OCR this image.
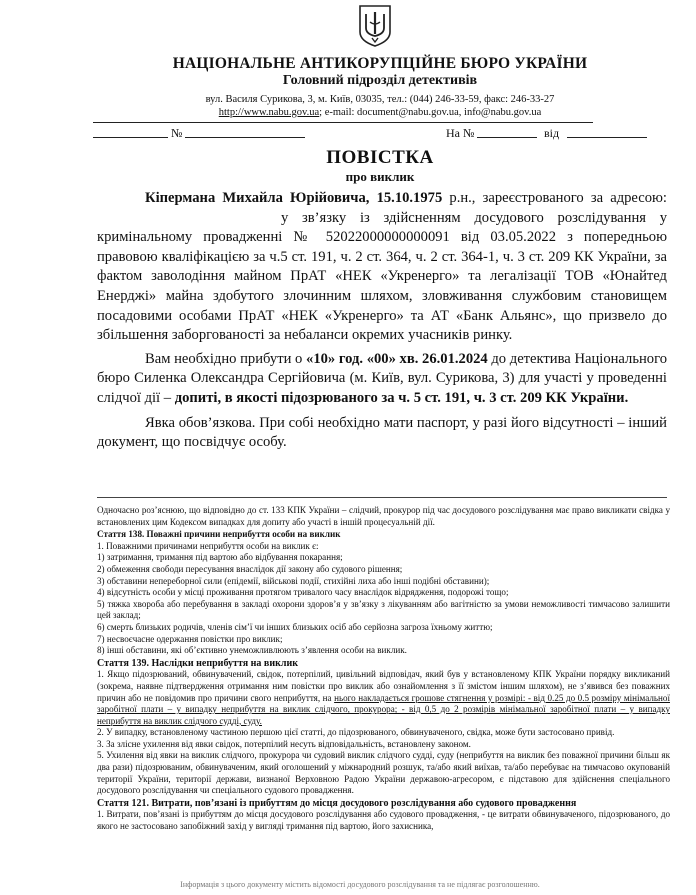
НАЦІОНАЛЬНЕ АНТИКОРУПЦІЙНЕ БЮРО УКРАЇНИ
Головний підрозділ детективів
вул. Василя Сурикова, 3, м. Київ, 03035, тел.: (044) 246-33-59, факс: 246-33-27
http://www.nabu.gov.ua; e-mail: document@nabu.gov.ua, info@nabu.gov.ua
№	На №	від
ПОВІСТКА
про виклик

Кіпермана Михайла Юрійовича, 15.10.1975 р.н., зареєстрованого за адресою:у зв’язку із здійсненням досудового розслідування у кримінальному провадженні № 52022000000000091 від 03.05.2022 з попередньою правовою кваліфікацією за ч.5 ст. 191, ч. 2 ст. 364, ч. 2 ст. 364-1, ч. 3 ст. 209 КК України, за фактом заволодіння майном ПрАТ «НЕК «Укренерго» та легалізації ТОВ «Юнайтед Енерджі» майна здобутого злочинним шляхом, зловживання службовим становищем посадовими особами ПрАТ «НЕК «Укренерго» та АТ «Банк Альянс», що призвело до збільшення заборгованості за небаланси окремих учасників ринку.

Вам необхідно прибути о «10» год. «00» хв. 26.01.2024 до детектива Національного бюро Силенка Олександра Сергійовича (м. Київ, вул. Сурикова, 3) для участі у проведенні слідчої дії – допиті, в якості підозрюваного за ч. 5 ст. 191, ч. 3 ст. 209 КК України.

Явка обов’язкова. При собі необхідно мати паспорт, у разі його відсутності – інший документ, що посвідчує особу.

Одночасно роз’яснюю, що відповідно до ст. 133 КПК України – слідчий, прокурор під час досудового розслідування має право викликати свідка у встановлених цим Кодексом випадках для допиту або участі в іншій процесуальній дії.

Стаття 138. Поважні причини неприбуття особи на виклик

1. Поважними причинами неприбуття особи на виклик є:

1) затримання, тримання під вартою або відбування покарання;

2) обмеження свободи пересування внаслідок дії закону або судового рішення;

3) обставини непереборної сили (епідемії, військові події, стихійні лиха або інші подібні обставини);

4) відсутність особи у місці проживання протягом тривалого часу внаслідок відрядження, подорожі тощо;

5) тяжка хвороба або перебування в закладі охорони здоров’я у зв’язку з лікуванням або вагітністю за умови неможливості тимчасово залишити цей заклад;

6) смерть близьких родичів, членів сім’ї чи інших близьких осіб або серйозна загроза їхньому життю;

7) несвоєчасне одержання повістки про виклик;

8) інші обставини, які об’єктивно унеможливлюють з’явлення особи на виклик.

Стаття 139. Наслідки неприбуття на виклик

1. Якщо підозрюваний, обвинувачений, свідок, потерпілий, цивільний відповідач, який був у встановленому КПК України порядку викликаний (зокрема, наявне підтвердження отримання ним повістки про виклик або ознайомлення з її змістом іншим шляхом), не з’явився без поважних причин або не повідомив про причини свого неприбуття, на нього накладається грошове стягнення у розмірі: - від 0.25 до 0.5 розміру мінімальної заробітної плати – у випадку неприбуття на виклик слідчого, прокурора; - від 0,5 до 2 розмірів мінімальної заробітної плати – у випадку неприбуття на виклик слідчого судді, суду.

2. У випадку, встановленому частиною першою цієї статті, до підозрюваного, обвинуваченого, свідка, може бути застосовано привід.

3. За злісне ухилення від явки свідок, потерпілий несуть відповідальність, встановлену законом.

5. Ухилення від явки на виклик слідчого, прокурора чи судовий виклик слідчого судді, суду (неприбуття на виклик без поважної причини більш як два рази) підозрюваним, обвинуваченим, який оголошений у міжнародний розшук, та/або який виїхав, та/або перебуває на тимчасово окупованій території України, території держави, визнаної Верховною Радою України державою-агресором, є підставою для здійснення спеціального досудового розслідування чи спеціального судового провадження.

Стаття 121. Витрати, пов’язані із прибуттям до місця досудового розслідування або судового провадження

1. Витрати, пов’язані із прибуттям до місця досудового розслідування або судового провадження, - це витрати обвинуваченого, підозрюваного, до якого не застосовано запобіжний захід у вигляді тримання під вартою, його захисника,

Інформація з цього документу містить відомості досудового розслідування та не підлягає розголошенню.
